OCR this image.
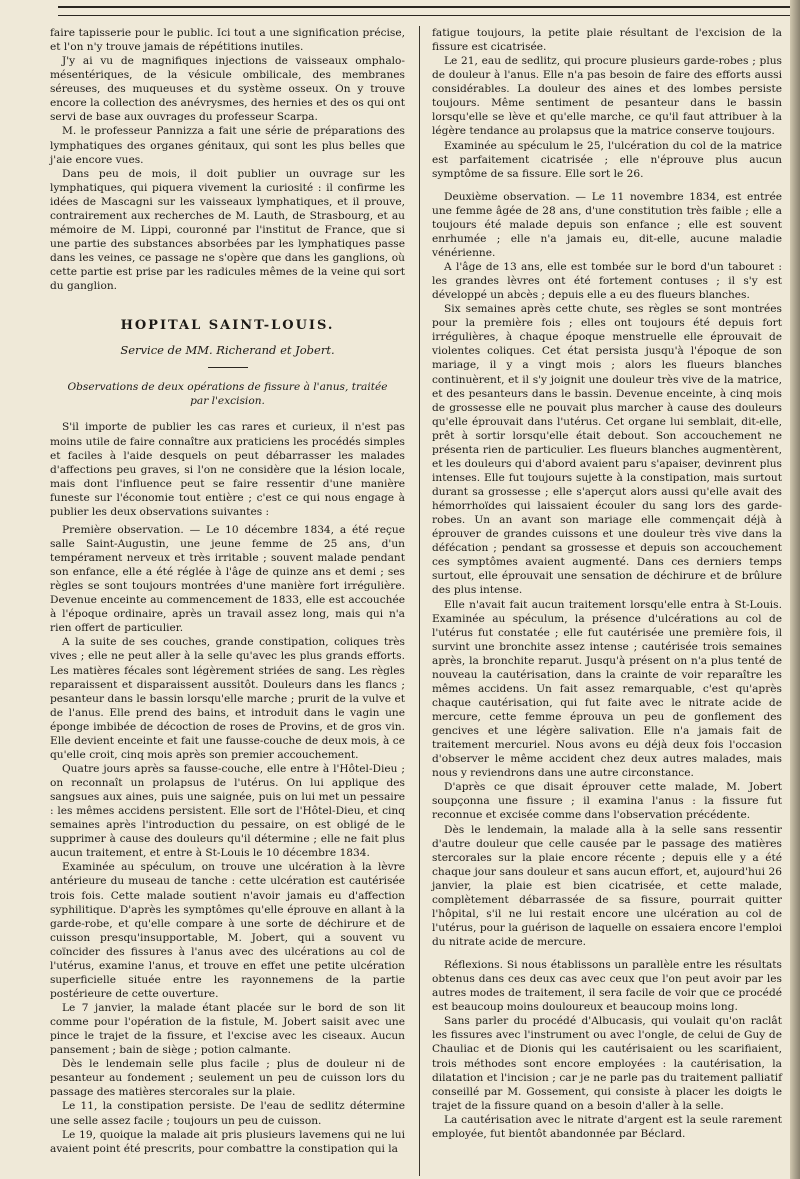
faire tapisserie pour le public. Ici tout a une signification précise, et l'on n'y trouve jamais de répétitions inutiles.

J'y ai vu de magnifiques injections de vaisseaux omphalo-mésentériques, de la vésicule ombilicale, des membranes séreuses, des muqueuses et du système osseux. On y trouve encore la collection des anévrysmes, des hernies et des os qui ont servi de base aux ouvrages du professeur Scarpa.

M. le professeur Pannizza a fait une série de préparations des lymphatiques des organes génitaux, qui sont les plus belles que j'aie encore vues.

Dans peu de mois, il doit publier un ouvrage sur les lymphatiques, qui piquera vivement la curiosité : il confirme les idées de Mascagni sur les vaisseaux lymphatiques, et il prouve, contrairement aux recherches de M. Lauth, de Strasbourg, et au mémoire de M. Lippi, couronné par l'institut de France, que si une partie des substances absorbées par les lymphatiques passe dans les veines, ce passage ne s'opère que dans les ganglions, où cette partie est prise par les radicules mêmes de la veine qui sort du ganglion.

HOPITAL SAINT-LOUIS.

Service de MM. Richerand et Jobert.

Observations de deux opérations de fissure à l'anus, traitée par l'excision.

S'il importe de publier les cas rares et curieux, il n'est pas moins utile de faire connaître aux praticiens les procédés simples et faciles à l'aide desquels on peut débarrasser les malades d'affections peu graves, si l'on ne considère que la lésion locale, mais dont l'influence peut se faire ressentir d'une manière funeste sur l'économie tout entière ; c'est ce qui nous engage à publier les deux observations suivantes :

Première observation. — Le 10 décembre 1834, a été reçue salle Saint-Augustin, une jeune femme de 25 ans, d'un tempérament nerveux et très irritable ; souvent malade pendant son enfance, elle a été réglée à l'âge de quinze ans et demi ; ses règles se sont toujours montrées d'une manière fort irrégulière. Devenue enceinte au commencement de 1833, elle est accouchée à l'époque ordinaire, après un travail assez long, mais qui n'a rien offert de particulier.

A la suite de ses couches, grande constipation, coliques très vives ; elle ne peut aller à la selle qu'avec les plus grands efforts. Les matières fécales sont légèrement striées de sang. Les règles reparaissent et disparaissent aussitôt. Douleurs dans les flancs ; pesanteur dans le bassin lorsqu'elle marche ; prurit de la vulve et de l'anus. Elle prend des bains, et introduit dans le vagin une éponge imbibée de décoction de roses de Provins, et de gros vin. Elle devient enceinte et fait une fausse-couche de deux mois, à ce qu'elle croit, cinq mois après son premier accouchement.

Quatre jours après sa fausse-couche, elle entre à l'Hôtel-Dieu ; on reconnaît un prolapsus de l'utérus. On lui applique des sangsues aux aines, puis une saignée, puis on lui met un pessaire : les mêmes accidens persistent. Elle sort de l'Hôtel-Dieu, et cinq semaines après l'introduction du pessaire, on est obligé de le supprimer à cause des douleurs qu'il détermine ; elle ne fait plus aucun traitement, et entre à St-Louis le 10 décembre 1834.

Examinée au spéculum, on trouve une ulcération à la lèvre antérieure du museau de tanche : cette ulcération est cautérisée trois fois. Cette malade soutient n'avoir jamais eu d'affection syphilitique. D'après les symptômes qu'elle éprouve en allant à la garde-robe, et qu'elle compare à une sorte de déchirure et de cuisson presqu'insupportable, M. Jobert, qui a souvent vu coïncider des fissures à l'anus avec des ulcérations au col de l'utérus, examine l'anus, et trouve en effet une petite ulcération superficielle située entre les rayonnemens de la partie postérieure de cette ouverture.

Le 7 janvier, la malade étant placée sur le bord de son lit comme pour l'opération de la fistule, M. Jobert saisit avec une pince le trajet de la fissure, et l'excise avec les ciseaux. Aucun pansement ; bain de siège ; potion calmante.

Dès le lendemain selle plus facile ; plus de douleur ni de pesanteur au fondement ; seulement un peu de cuisson lors du passage des matières stercorales sur la plaie.

Le 11, la constipation persiste. De l'eau de sedlitz détermine une selle assez facile ; toujours un peu de cuisson.

Le 19, quoique la malade ait pris plusieurs lavemens qui ne lui avaient point été prescrits, pour combattre la constipation qui la

fatigue toujours, la petite plaie résultant de l'excision de la fissure est cicatrisée.

Le 21, eau de sedlitz, qui procure plusieurs garde-robes ; plus de douleur à l'anus. Elle n'a pas besoin de faire des efforts aussi considérables. La douleur des aines et des lombes persiste toujours. Même sentiment de pesanteur dans le bassin lorsqu'elle se lève et qu'elle marche, ce qu'il faut attribuer à la légère tendance au prolapsus que la matrice conserve toujours.

Examinée au spéculum le 25, l'ulcération du col de la matrice est parfaitement cicatrisée ; elle n'éprouve plus aucun symptôme de sa fissure. Elle sort le 26.

Deuxième observation. — Le 11 novembre 1834, est entrée une femme âgée de 28 ans, d'une constitution très faible ; elle a toujours été malade depuis son enfance ; elle est souvent enrhumée ; elle n'a jamais eu, dit-elle, aucune maladie vénérienne.

A l'âge de 13 ans, elle est tombée sur le bord d'un tabouret : les grandes lèvres ont été fortement contuses ; il s'y est développé un abcès ; depuis elle a eu des flueurs blanches.

Six semaines après cette chute, ses règles se sont montrées pour la première fois ; elles ont toujours été depuis fort irrégulières, à chaque époque menstruelle elle éprouvait de violentes coliques. Cet état persista jusqu'à l'époque de son mariage, il y a vingt mois ; alors les flueurs blanches continuèrent, et il s'y joignit une douleur très vive de la matrice, et des pesanteurs dans le bassin. Devenue enceinte, à cinq mois de grossesse elle ne pouvait plus marcher à cause des douleurs qu'elle éprouvait dans l'utérus. Cet organe lui semblait, dit-elle, prêt à sortir lorsqu'elle était debout. Son accouchement ne présenta rien de particulier. Les flueurs blanches augmentèrent, et les douleurs qui d'abord avaient paru s'apaiser, devinrent plus intenses. Elle fut toujours sujette à la constipation, mais surtout durant sa grossesse ; elle s'aperçut alors aussi qu'elle avait des hémorrhoïdes qui laissaient écouler du sang lors des garde-robes. Un an avant son mariage elle commençait déjà à éprouver de grandes cuissons et une douleur très vive dans la défécation ; pendant sa grossesse et depuis son accouchement ces symptômes avaient augmenté. Dans ces derniers temps surtout, elle éprouvait une sensation de déchirure et de brûlure des plus intense.

Elle n'avait fait aucun traitement lorsqu'elle entra à St-Louis. Examinée au spéculum, la présence d'ulcérations au col de l'utérus fut constatée ; elle fut cautérisée une première fois, il survint une bronchite assez intense ; cautérisée trois semaines après, la bronchite reparut. Jusqu'à présent on n'a plus tenté de nouveau la cautérisation, dans la crainte de voir reparaître les mêmes accidens. Un fait assez remarquable, c'est qu'après chaque cautérisation, qui fut faite avec le nitrate acide de mercure, cette femme éprouva un peu de gonflement des gencives et une légère salivation. Elle n'a jamais fait de traitement mercuriel. Nous avons eu déjà deux fois l'occasion d'observer le même accident chez deux autres malades, mais nous y reviendrons dans une autre circonstance.

D'après ce que disait éprouver cette malade, M. Jobert soupçonna une fissure ; il examina l'anus : la fissure fut reconnue et excisée comme dans l'observation précédente.

Dès le lendemain, la malade alla à la selle sans ressentir d'autre douleur que celle causée par le passage des matières stercorales sur la plaie encore récente ; depuis elle y a été chaque jour sans douleur et sans aucun effort, et, aujourd'hui 26 janvier, la plaie est bien cicatrisée, et cette malade, complètement débarrassée de sa fissure, pourrait quitter l'hôpital, s'il ne lui restait encore une ulcération au col de l'utérus, pour la guérison de laquelle on essaiera encore l'emploi du nitrate acide de mercure.

Réflexions. Si nous établissons un parallèle entre les résultats obtenus dans ces deux cas avec ceux que l'on peut avoir par les autres modes de traitement, il sera facile de voir que ce procédé est beaucoup moins douloureux et beaucoup moins long.

Sans parler du procédé d'Albucasis, qui voulait qu'on raclât les fissures avec l'instrument ou avec l'ongle, de celui de Guy de Chauliac et de Dionis qui les cautérisaient ou les scarifiaient, trois méthodes sont encore employées : la cautérisation, la dilatation et l'incision ; car je ne parle pas du traitement palliatif conseillé par M. Gossement, qui consiste à placer les doigts le trajet de la fissure quand on a besoin d'aller à la selle.

La cautérisation avec le nitrate d'argent est la seule rarement employée, fut bientôt abandonnée par Béclard.
